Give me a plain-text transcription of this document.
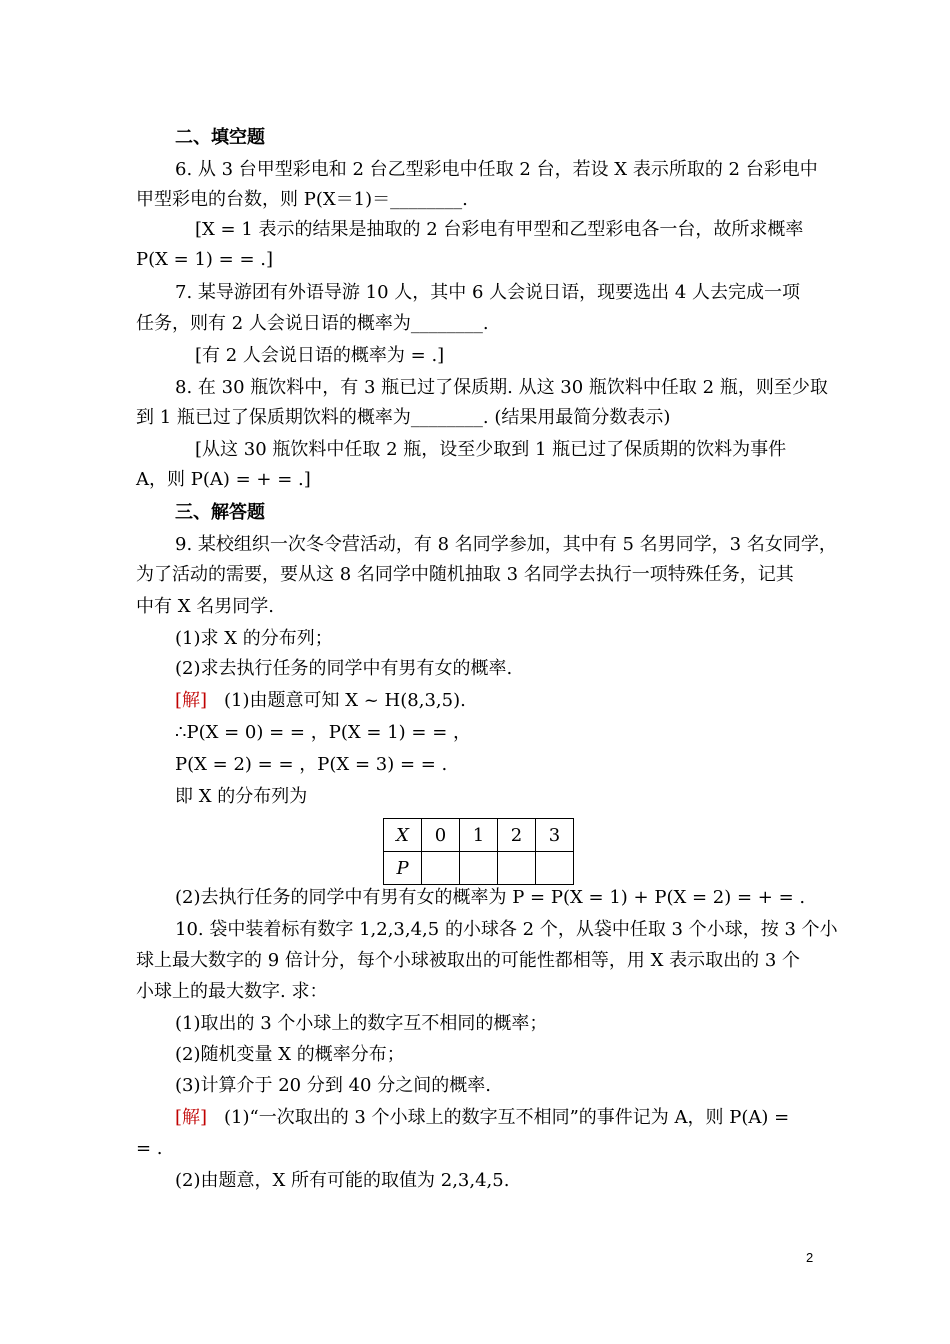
二、填空题
6. 从 3 台甲型彩电和 2 台乙型彩电中任取 2 台，若设 X 表示所取的 2 台彩电中
甲型彩电的台数，则 P(X＝1)＝________.
[X = 1 表示的结果是抽取的 2 台彩电有甲型和乙型彩电各一台，故所求概率
P(X = 1) = = .]
7. 某导游团有外语导游 10 人，其中 6 人会说日语，现要选出 4 人去完成一项
任务，则有 2 人会说日语的概率为________.
[有 2 人会说日语的概率为 = .]
8. 在 30 瓶饮料中，有 3 瓶已过了保质期. 从这 30 瓶饮料中任取 2 瓶，则至少取
到 1 瓶已过了保质期饮料的概率为________. (结果用最简分数表示)
[从这 30 瓶饮料中任取 2 瓶，设至少取到 1 瓶已过了保质期的饮料为事件
A，则 P(A) = + = .]
三、解答题
9. 某校组织一次冬令营活动，有 8 名同学参加，其中有 5 名男同学，3 名女同学，
为了活动的需要，要从这 8 名同学中随机抽取 3 名同学去执行一项特殊任务，记其
中有 X 名男同学.
(1)求 X 的分布列；
(2)求去执行任务的同学中有男有女的概率.
[解] (1)由题意可知 X ~ H(8,3,5).
∴P(X = 0) = = ，P(X = 1) = = ，
P(X = 2) = = ，P(X = 3) = = .
即 X 的分布列为
X	0	1	2	3
P				
(2)去执行任务的同学中有男有女的概率为 P = P(X = 1) + P(X = 2) = + = .
10. 袋中装着标有数字 1,2,3,4,5 的小球各 2 个，从袋中任取 3 个小球，按 3 个小
球上最大数字的 9 倍计分，每个小球被取出的可能性都相等，用 X 表示取出的 3 个
小球上的最大数字. 求：
(1)取出的 3 个小球上的数字互不相同的概率；
(2)随机变量 X 的概率分布；
(3)计算介于 20 分到 40 分之间的概率.
[解] (1)“一次取出的 3 个小球上的数字互不相同”的事件记为 A，则 P(A) =
= .
(2)由题意，X 所有可能的取值为 2,3,4,5.
2
